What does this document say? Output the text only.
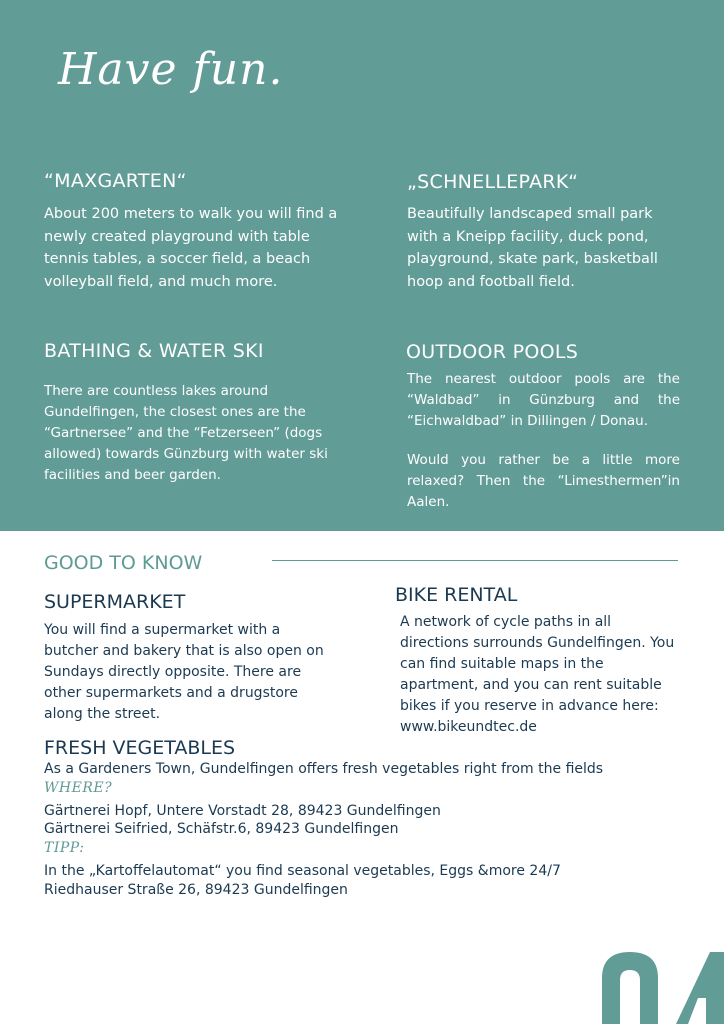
Have fun.
“MAXGARTEN“

About 200 meters to walk you will find a newly created playground with table tennis tables, a soccer field, a beach volleyball field, and much more.

„SCHNELLEPARK“

Beautifully landscaped small park with a Kneipp facility, duck pond, playground, skate park, basketball hoop and football field.

BATHING & WATER SKI

There are countless lakes around Gundelfingen, the closest ones are the “Gartnersee” and the “Fetzerseen” (dogs allowed) towards Günzburg with water ski facilities and beer garden.

OUTDOOR POOLS

The nearest outdoor pools are the “Waldbad” in Günzburg and the “Eichwaldbad” in Dillingen / Donau.

Would you rather be a little more relaxed? Then the “Limesthermen”in Aalen.

GOOD TO KNOW
SUPERMARKET

You will find a supermarket with a butcher and bakery that is also open on Sundays directly opposite. There are other supermarkets and a drugstore along the street.

BIKE RENTAL

A network of cycle paths in all directions surrounds Gundelfingen. You can find suitable maps in the apartment, and you can rent suitable bikes if you reserve in advance here: www.bikeundtec.de

FRESH VEGETABLES
As a Gardeners Town, Gundelfingen offers fresh vegetables right from the fields
WHERE?
Gärtnerei Hopf, Untere Vorstadt 28, 89423 Gundelfingen
Gärtnerei Seifried, Schäfstr.6, 89423 Gundelfingen
TIPP:
In the „Kartoffelautomat“ you find seasonal vegetables, Eggs &more 24/7
Riedhauser Straße 26, 89423 Gundelfingen
